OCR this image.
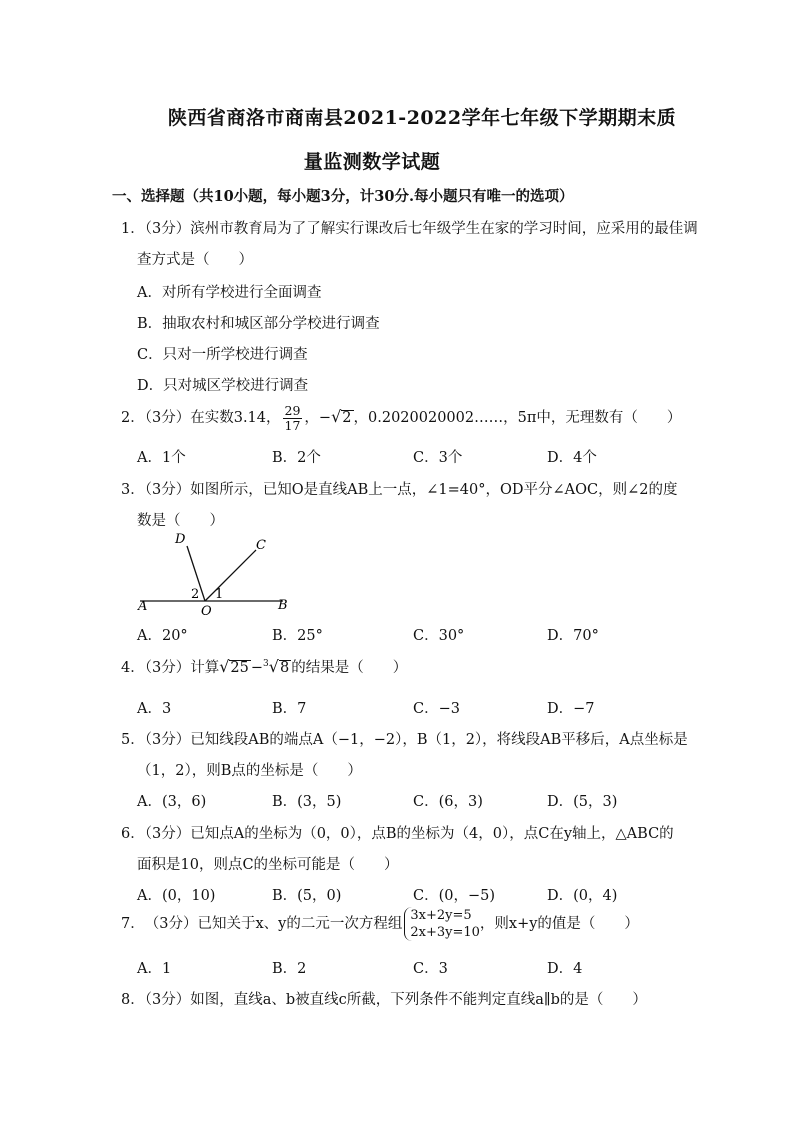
陕西省商洛市商南县2021-2022学年七年级下学期期末质
量监测数学试题
一、选择题（共10小题，每小题3分，计30分.每小题只有唯一的选项）
1．（3分）滨州市教育局为了了解实行课改后七年级学生在家的学习时间，应采用的最佳调
查方式是（　　）
A．对所有学校进行全面调查
B．抽取农村和城区部分学校进行调查
C．只对一所学校进行调查
D．只对城区学校进行调查
2．（3分）在实数3.14， $\frac{29}{17}$ ，−√2 ，0.2020020002……，5π中，无理数有（　　）
A．1个	B．2个	C．3个	D．4个
3．（3分）如图所示，已知O是直线AB上一点，∠1=40°，OD平分∠AOC，则∠2的度
数是（　　）
D	C
A	O	B
2 1
A．20°	B．25°	C．30°	D．70°
4．（3分）计算√25 −$^3$√8 的结果是（　　）
A．3	B．7	C．−3	D．−7
5．（3分）已知线段AB的端点A（−1，−2），B（1，2），将线段AB平移后，A点坐标是
（1，2），则B点的坐标是（　　）
A．(3，6)	B．(3，5)	C．(6，3)	D．(5，3)
6．（3分）已知点A的坐标为（0，0），点B的坐标为（4，0），点C在y轴上，△ABC的
面积是10，则点C的坐标可能是（　　）
A．(0，10)	B．(5，0)	C．(0，−5)	D．(0，4)
7．（3分）已知关于x、y的二元一次方程组
3x+2y=5
2x+3y=10
，则x+y的值是（　　）
A．1	B．2	C．3	D．4
8．（3分）如图，直线a、b被直线c所截，下列条件不能判定直线a∥b的是（　　）
